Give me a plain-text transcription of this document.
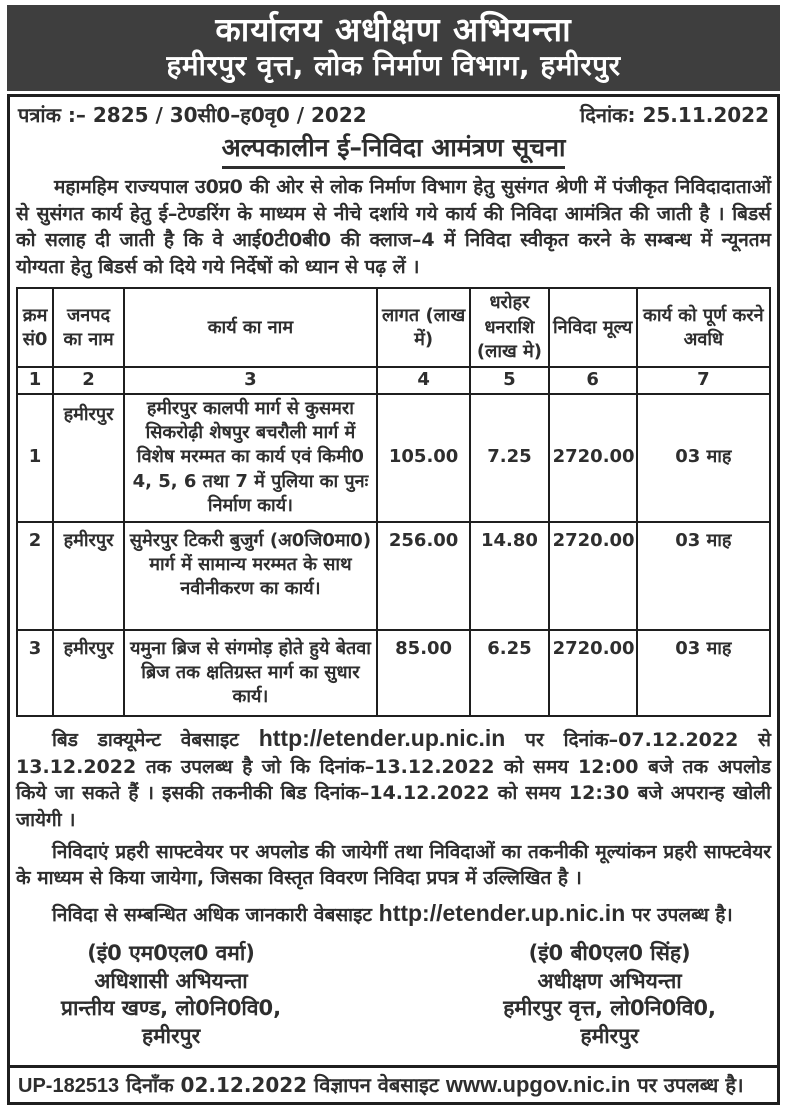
कार्यालय अधीक्षण अभियन्ता
हमीरपुर वृत्त, लोक निर्माण विभाग, हमीरपुर
पत्रांक :– 2825 / 30सी0–ह0वृ0 / 2022	दिनांक: 25.11.2022
अल्पकालीन ई–निविदा आमंत्रण सूचना

महामहिम राज्यपाल उ0प्र0 की ओर से लोक निर्माण विभाग हेतु सुसंगत श्रेणी में पंजीकृत निविदादाताओं से सुसंगत कार्य हेतु ई–टेण्डरिंग के माध्यम से नीचे दर्शाये गये कार्य की निविदा आमंत्रित की जाती है । बिडर्स को सलाह दी जाती है कि वे आई0टी0बी0 की क्लाज–4 में निविदा स्वीकृत करने के सम्बन्ध में न्यूनतम योग्यता हेतु बिडर्स को दिये गये निर्देषों को ध्यान से पढ़ लें ।

क्रम सं0	जनपद का नाम	कार्य का नाम	लागत (लाख में)	धरोहर धनराशि (लाख मे)	निविदा मूल्य	कार्य को पूर्ण करने अवधि
1	2	3	4	5	6	7
1	हमीरपुर	हमीरपुर कालपी मार्ग से कुसमरा सिकरोढ़ी शेषपुर बचरौली मार्ग में विशेष मरम्मत का कार्य एवं किमी0 4, 5, 6 तथा 7 में पुलिया का पुनः निर्माण कार्य।	105.00	7.25	2720.00	03 माह
2	हमीरपुर	सुमेरपुर टिकरी बुजुर्ग (अ0जि0मा0) मार्ग में सामान्य मरम्मत के साथ नवीनीकरण का कार्य।	256.00	14.80	2720.00	03 माह
3	हमीरपुर	यमुना ब्रिज से संगमोड़ होते हुये बेतवा ब्रिज तक क्षतिग्रस्त मार्ग का सुधार कार्य।	85.00	6.25	2720.00	03 माह

बिड डाक्यूमेन्ट वेबसाइट http://etender.up.nic.in पर दिनांक–07.12.2022 से 13.12.2022 तक उपलब्ध है जो कि दिनांक–13.12.2022 को समय 12:00 बजे तक अपलोड किये जा सकते हैं । इसकी तकनीकी बिड दिनांक–14.12.2022 को समय 12:30 बजे अपरान्ह खोली जायेगी ।

निविदाएं प्रहरी साफ्टवेयर पर अपलोड की जायेगीं तथा निविदाओं का तकनीकी मूल्यांकन प्रहरी साफ्टवेयर के माध्यम से किया जायेगा, जिसका विस्तृत विवरण निविदा प्रपत्र में उल्लिखित है ।

निविदा से सम्बन्धित अधिक जानकारी वेबसाइट http://etender.up.nic.in पर उपलब्ध है।

(इं0 एम0एल0 वर्मा)
अधिशासी अभियन्ता
प्रान्तीय खण्ड, लो0नि0वि0,
हमीरपुर
(इं0 बी0एल0 सिंह)
अधीक्षण अभियन्ता
हमीरपुर वृत्त, लो0नि0वि0,
हमीरपुर
UP-182513 दिनाँक 02.12.2022 विज्ञापन वेबसाइट www.upgov.nic.in पर उपलब्ध है।
